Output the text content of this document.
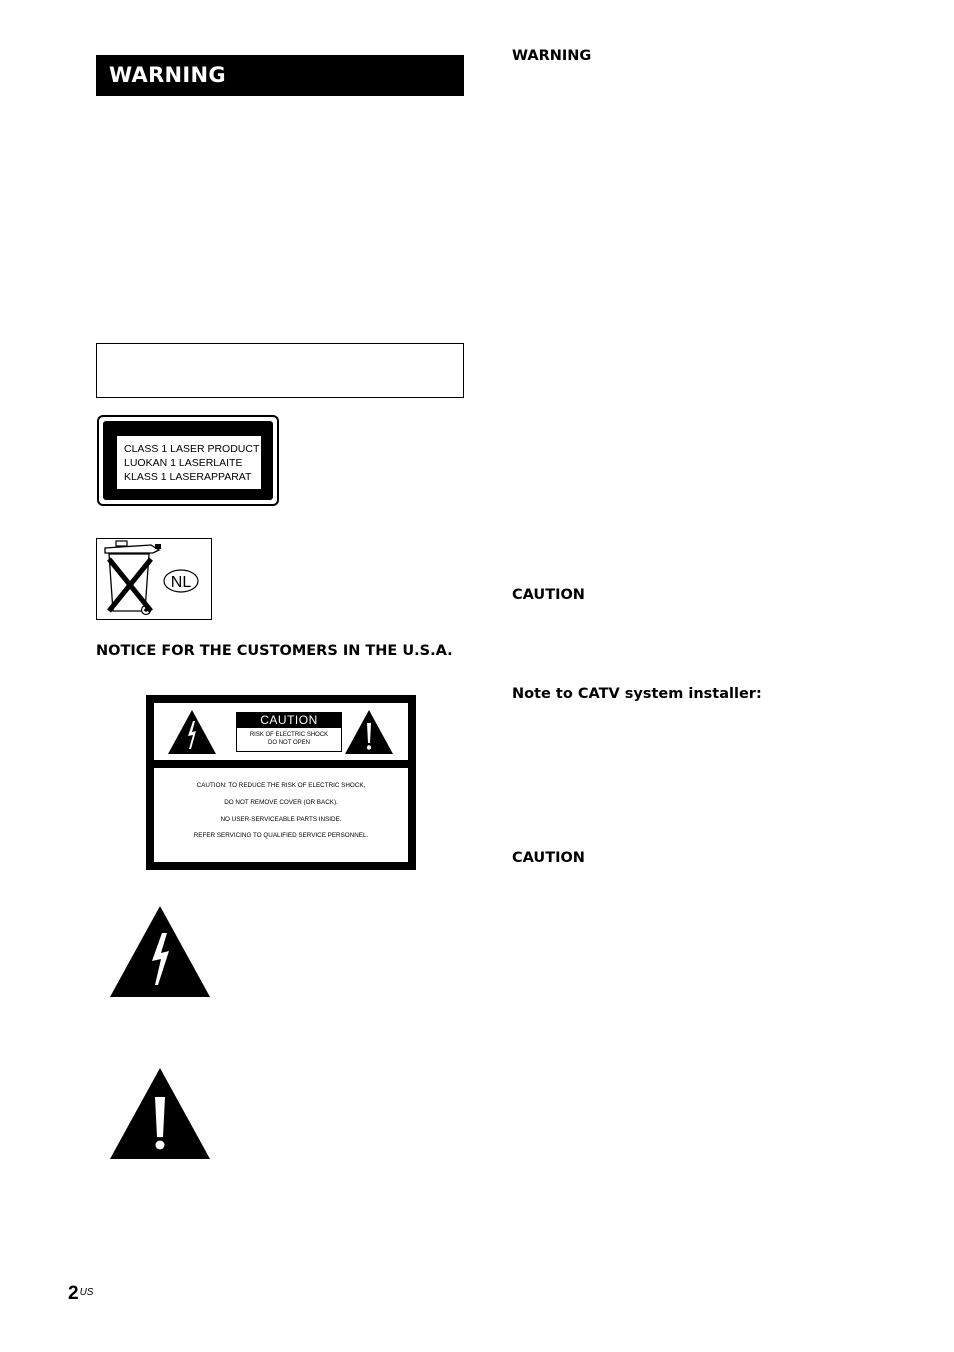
WARNING
CLASS 1 LASER PRODUCT
LUOKAN 1 LASERLAITE
KLASS 1 LASERAPPARAT
NL
NOTICE FOR THE CUSTOMERS IN THE U.S.A.
CAUTION
RISK OF ELECTRIC SHOCK
DO NOT OPEN
CAUTION: TO REDUCE THE RISK OF ELECTRIC SHOCK,
DO NOT REMOVE COVER (OR BACK).
NO USER-SERVICEABLE PARTS INSIDE.
REFER SERVICING TO QUALIFIED SERVICE PERSONNEL.
WARNING
CAUTION
Note to CATV system installer:
CAUTION
$2^{US}$
